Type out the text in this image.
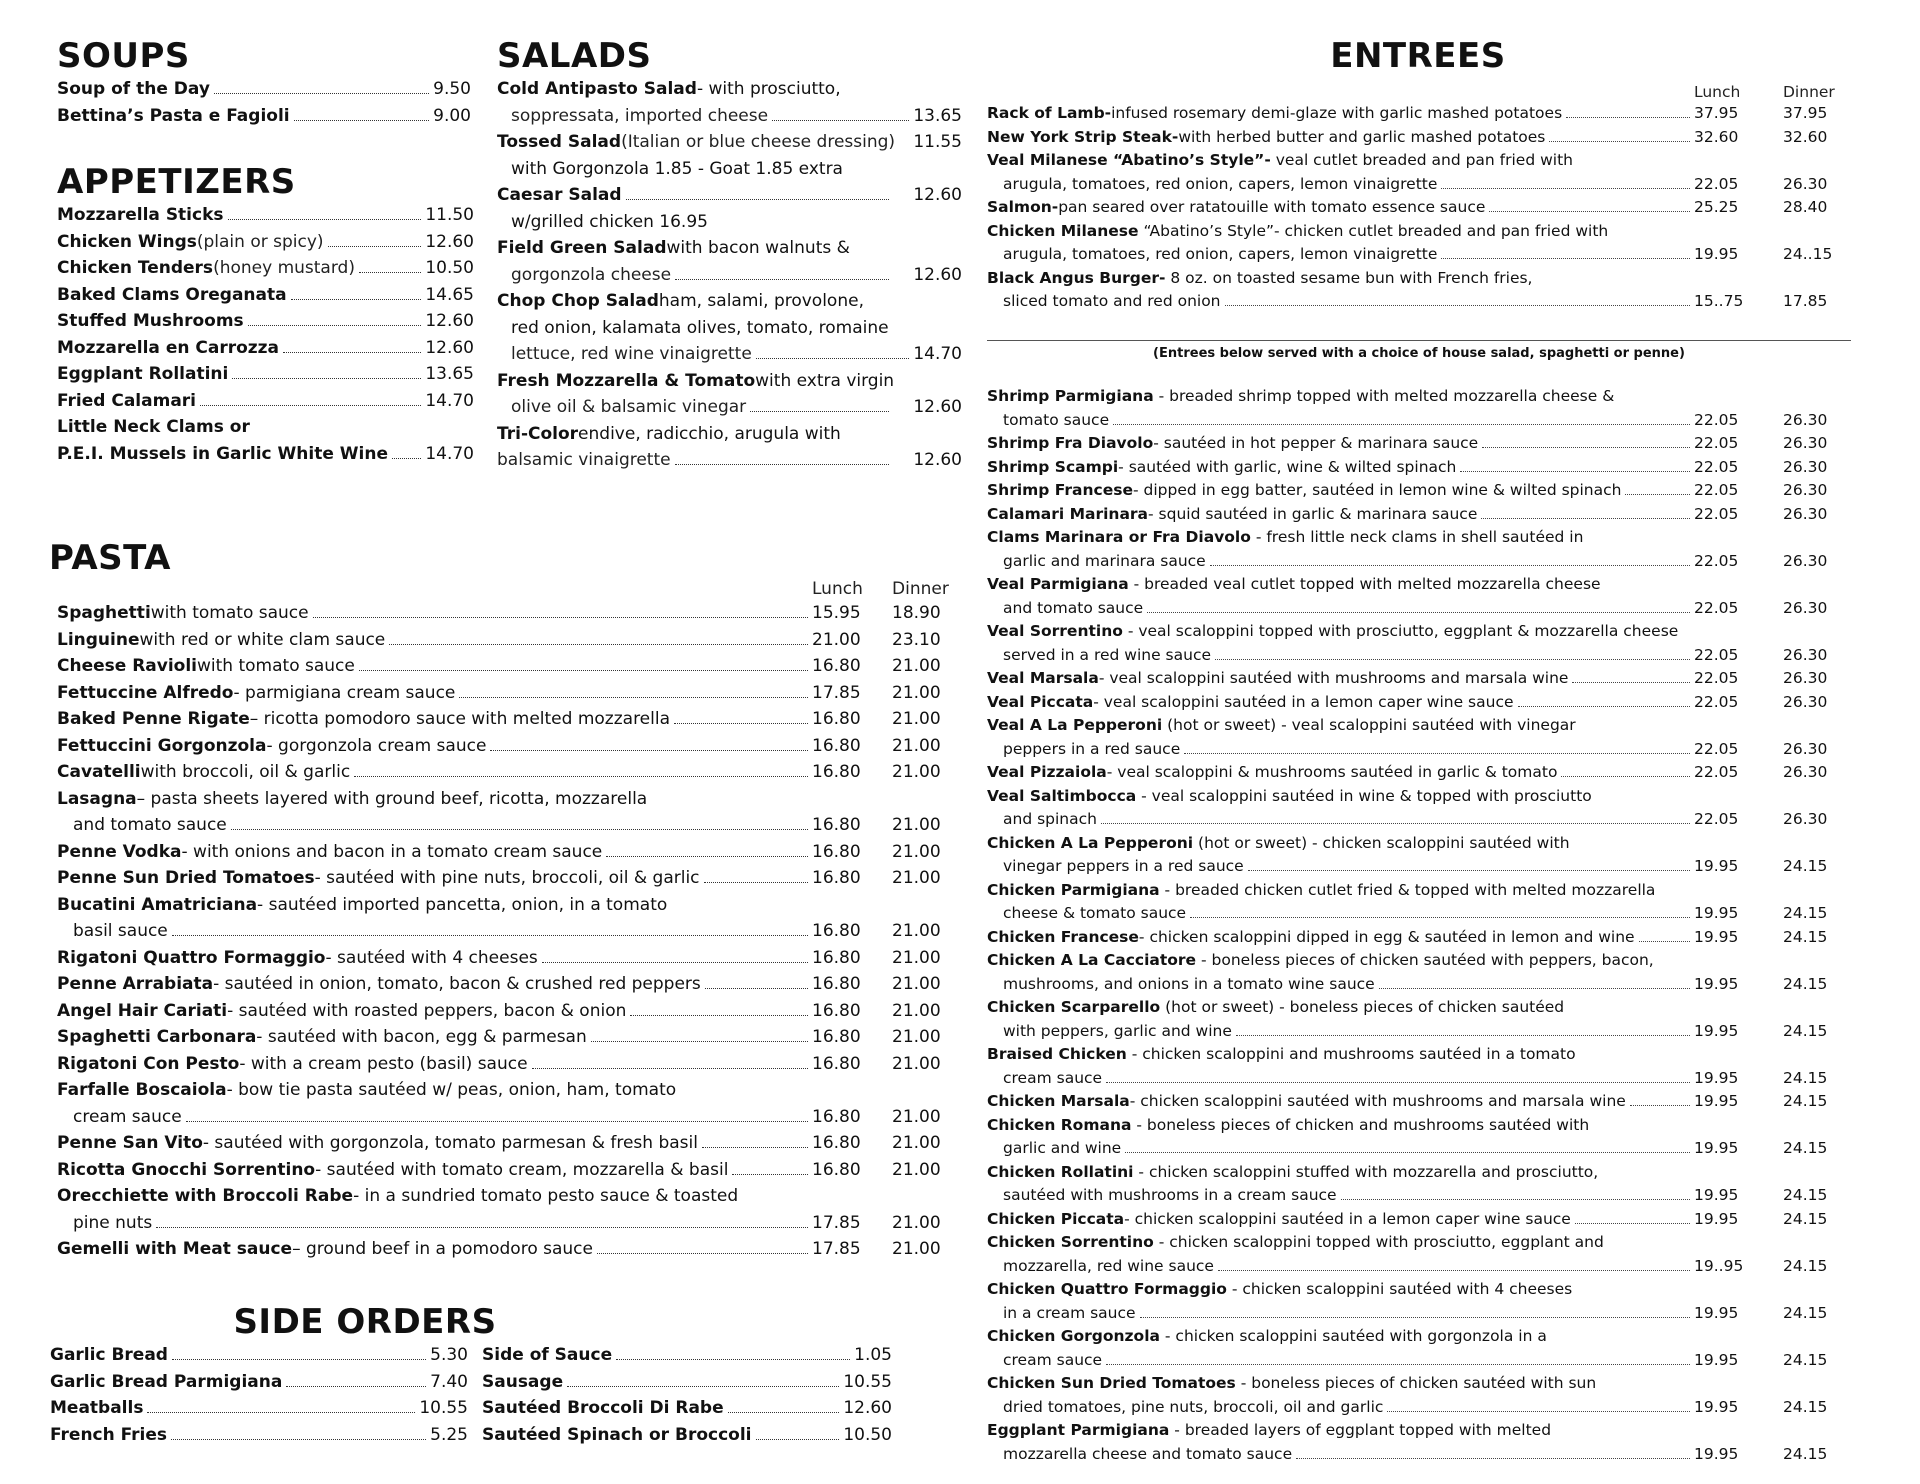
SOUPS
Soup of the Day	9.50
Bettina’s Pasta e Fagioli	9.00
APPETIZERS
Mozzarella Sticks	11.50
Chicken Wings (plain or spicy)	12.60
Chicken Tenders (honey mustard)	10.50
Baked Clams Oreganata	14.65
Stuffed Mushrooms	12.60
Mozzarella en Carrozza	12.60
Eggplant Rollatini	13.65
Fried Calamari	14.70
Little Neck Clams or
P.E.I. Mussels in Garlic White Wine 14.70
SALADS
Cold Antipasto Salad - with prosciutto,
soppressata, imported cheese	13.65
Tossed Salad (Italian or blue cheese dressing) 11.55
with Gorgonzola 1.85 - Goat 1.85 extra
Caesar Salad	12.60
w/grilled chicken 16.95
Field Green Salad with bacon walnuts &
gorgonzola cheese	12.60
Chop Chop Salad ham, salami, provolone,
red onion, kalamata olives, tomato, romaine
lettuce, red wine vinaigrette	14.70
Fresh Mozzarella & Tomato with extra virgin
olive oil & balsamic vinegar	12.60
Tri-Color endive, radicchio, arugula with
balsamic vinaigrette	12.60
PASTA
Lunch	Dinner
Spaghetti with tomato sauce	15.95	18.90
Linguine with red or white clam sauce	21.00	23.10
Cheese Ravioli with tomato sauce	16.80	21.00
Fettuccine Alfredo - parmigiana cream sauce	17.85	21.00
Baked Penne Rigate – ricotta pomodoro sauce with melted mozzarella	16.80	21.00
Fettuccini Gorgonzola - gorgonzola cream sauce	16.80	21.00
Cavatelli with broccoli, oil & garlic	16.80	21.00
Lasagna – pasta sheets layered with ground beef, ricotta, mozzarella
and tomato sauce	16.80	21.00
Penne Vodka - with onions and bacon in a tomato cream sauce	16.80	21.00
Penne Sun Dried Tomatoes - sautéed with pine nuts, broccoli, oil & garlic	16.80	21.00
Bucatini Amatriciana - sautéed imported pancetta, onion, in a tomato
basil sauce	16.80	21.00
Rigatoni Quattro Formaggio - sautéed with 4 cheeses	16.80	21.00
Penne Arrabiata - sautéed in onion, tomato, bacon & crushed red peppers	16.80	21.00
Angel Hair Cariati - sautéed with roasted peppers, bacon & onion	16.80	21.00
Spaghetti Carbonara - sautéed with bacon, egg & parmesan	16.80	21.00
Rigatoni Con Pesto - with a cream pesto (basil) sauce	16.80	21.00
Farfalle Boscaiola - bow tie pasta sautéed w/ peas, onion, ham, tomato
cream sauce	16.80	21.00
Penne San Vito - sautéed with gorgonzola, tomato parmesan & fresh basil	16.80	21.00
Ricotta Gnocchi Sorrentino - sautéed with tomato cream, mozzarella & basil	16.80	21.00
Orecchiette with Broccoli Rabe - in a sundried tomato pesto sauce & toasted
pine nuts	17.85	21.00
Gemelli with Meat sauce – ground beef in a pomodoro sauce	17.85	21.00
SIDE ORDERS
Garlic Bread	5.30
Garlic Bread Parmigiana	7.40
Meatballs	10.55
French Fries	5.25
Side of Sauce	1.05
Sausage	10.55
Sautéed Broccoli Di Rabe	12.60
Sautéed Spinach or Broccoli	10.50
ENTREES
Lunch	Dinner
Rack of Lamb- infused rosemary demi-glaze with garlic mashed potatoes	37.95	37.95
New York Strip Steak- with herbed butter and garlic mashed potatoes	32.60	32.60
Veal Milanese “Abatino’s Style”- veal cutlet breaded and pan fried with
arugula, tomatoes, red onion, capers, lemon vinaigrette	22.05	26.30
Salmon- pan seared over ratatouille with tomato essence sauce	25.25	28.40
Chicken Milanese “Abatino’s Style”- chicken cutlet breaded and pan fried with
arugula, tomatoes, red onion, capers, lemon vinaigrette	19.95	24..15
Black Angus Burger- 8 oz. on toasted sesame bun with French fries,
sliced tomato and red onion	15..75	17.85
(Entrees below served with a choice of house salad, spaghetti or penne)
Shrimp Parmigiana - breaded shrimp topped with melted mozzarella cheese &
tomato sauce	22.05	26.30
Shrimp Fra Diavolo - sautéed in hot pepper & marinara sauce	22.05	26.30
Shrimp Scampi - sautéed with garlic, wine & wilted spinach	22.05	26.30
Shrimp Francese - dipped in egg batter, sautéed in lemon wine & wilted spinach	22.05	26.30
Calamari Marinara - squid sautéed in garlic & marinara sauce	22.05	26.30
Clams Marinara or Fra Diavolo - fresh little neck clams in shell sautéed in
garlic and marinara sauce	22.05	26.30
Veal Parmigiana - breaded veal cutlet topped with melted mozzarella cheese
and tomato sauce	22.05	26.30
Veal Sorrentino - veal scaloppini topped with prosciutto, eggplant & mozzarella cheese
served in a red wine sauce	22.05	26.30
Veal Marsala - veal scaloppini sautéed with mushrooms and marsala wine	22.05	26.30
Veal Piccata - veal scaloppini sautéed in a lemon caper wine sauce	22.05	26.30
Veal A La Pepperoni (hot or sweet) - veal scaloppini sautéed with vinegar
peppers in a red sauce	22.05	26.30
Veal Pizzaiola - veal scaloppini & mushrooms sautéed in garlic & tomato	22.05	26.30
Veal Saltimbocca - veal scaloppini sautéed in wine & topped with prosciutto
and spinach	22.05	26.30
Chicken A La Pepperoni (hot or sweet) - chicken scaloppini sautéed with
vinegar peppers in a red sauce	19.95	24.15
Chicken Parmigiana - breaded chicken cutlet fried & topped with melted mozzarella
cheese & tomato sauce	19.95	24.15
Chicken Francese - chicken scaloppini dipped in egg & sautéed in lemon and wine	19.95	24.15
Chicken A La Cacciatore - boneless pieces of chicken sautéed with peppers, bacon,
mushrooms, and onions in a tomato wine sauce	19.95	24.15
Chicken Scarparello (hot or sweet) - boneless pieces of chicken sautéed
with peppers, garlic and wine	19.95	24.15
Braised Chicken - chicken scaloppini and mushrooms sautéed in a tomato
cream sauce	19.95	24.15
Chicken Marsala - chicken scaloppini sautéed with mushrooms and marsala wine	19.95	24.15
Chicken Romana - boneless pieces of chicken and mushrooms sautéed with
garlic and wine	19.95	24.15
Chicken Rollatini - chicken scaloppini stuffed with mozzarella and prosciutto,
sautéed with mushrooms in a cream sauce	19.95	24.15
Chicken Piccata - chicken scaloppini sautéed in a lemon caper wine sauce	19.95	24.15
Chicken Sorrentino - chicken scaloppini topped with prosciutto, eggplant and
mozzarella, red wine sauce	19..95	24.15
Chicken Quattro Formaggio - chicken scaloppini sautéed with 4 cheeses
in a cream sauce	19.95	24.15
Chicken Gorgonzola - chicken scaloppini sautéed with gorgonzola in a
cream sauce	19.95	24.15
Chicken Sun Dried Tomatoes - boneless pieces of chicken sautéed with sun
dried tomatoes, pine nuts, broccoli, oil and garlic	19.95	24.15
Eggplant Parmigiana - breaded layers of eggplant topped with melted
mozzarella cheese and tomato sauce	19.95	24.15
